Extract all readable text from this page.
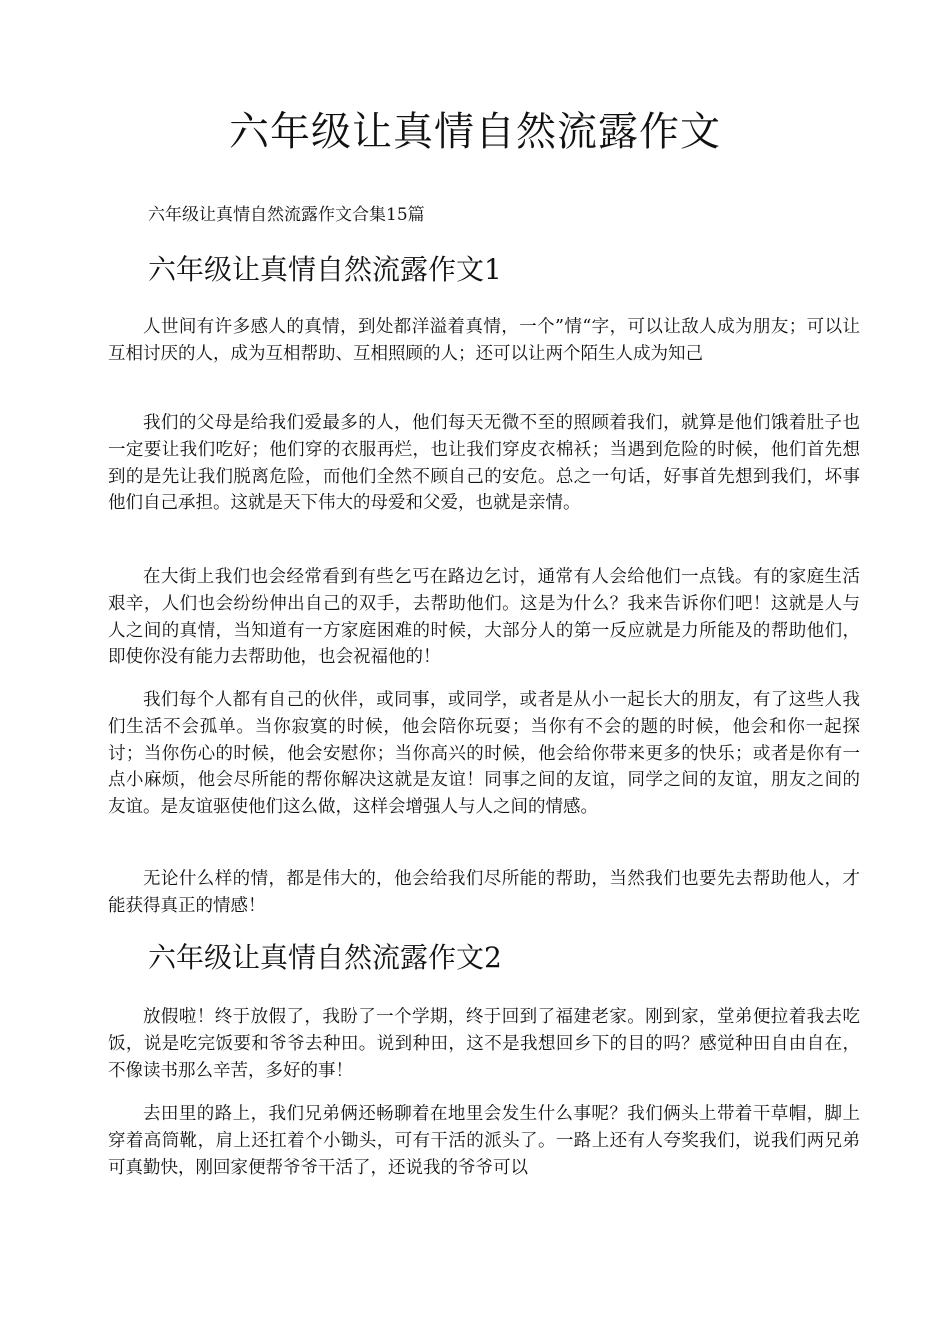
六年级让真情自然流露作文

六年级让真情自然流露作文合集15篇

六年级让真情自然流露作文1

人世间有许多感人的真情，到处都洋溢着真情，一个”情“字，可以让敌人成为朋友；可以让互相讨厌的人，成为互相帮助、互相照顾的人；还可以让两个陌生人成为知己

我们的父母是给我们爱最多的人，他们每天无微不至的照顾着我们，就算是他们饿着肚子也一定要让我们吃好；他们穿的衣服再烂，也让我们穿皮衣棉袄；当遇到危险的时候，他们首先想到的是先让我们脱离危险，而他们全然不顾自己的安危。总之一句话，好事首先想到我们，坏事他们自己承担。这就是天下伟大的母爱和父爱，也就是亲情。

在大街上我们也会经常看到有些乞丐在路边乞讨，通常有人会给他们一点钱。有的家庭生活艰辛，人们也会纷纷伸出自己的双手，去帮助他们。这是为什么？我来告诉你们吧！这就是人与人之间的真情，当知道有一方家庭困难的时候，大部分人的第一反应就是力所能及的帮助他们，即使你没有能力去帮助他，也会祝福他的！

我们每个人都有自己的伙伴，或同事，或同学，或者是从小一起长大的朋友，有了这些人我们生活不会孤单。当你寂寞的时候，他会陪你玩耍；当你有不会的题的时候，他会和你一起探讨；当你伤心的时候，他会安慰你；当你高兴的时候，他会给你带来更多的快乐；或者是你有一点小麻烦，他会尽所能的帮你解决这就是友谊！同事之间的友谊，同学之间的友谊，朋友之间的友谊。是友谊驱使他们这么做，这样会增强人与人之间的情感。

无论什么样的情，都是伟大的，他会给我们尽所能的帮助，当然我们也要先去帮助他人，才能获得真正的情感！

六年级让真情自然流露作文2

放假啦！终于放假了，我盼了一个学期，终于回到了福建老家。刚到家，堂弟便拉着我去吃饭，说是吃完饭要和爷爷去种田。说到种田，这不是我想回乡下的目的吗？感觉种田自由自在，不像读书那么辛苦，多好的事！

去田里的路上，我们兄弟俩还畅聊着在地里会发生什么事呢？我们俩头上带着干草帽，脚上穿着高筒靴，肩上还扛着个小锄头，可有干活的派头了。一路上还有人夸奖我们，说我们两兄弟可真勤快，刚回家便帮爷爷干活了，还说我的爷爷可以
